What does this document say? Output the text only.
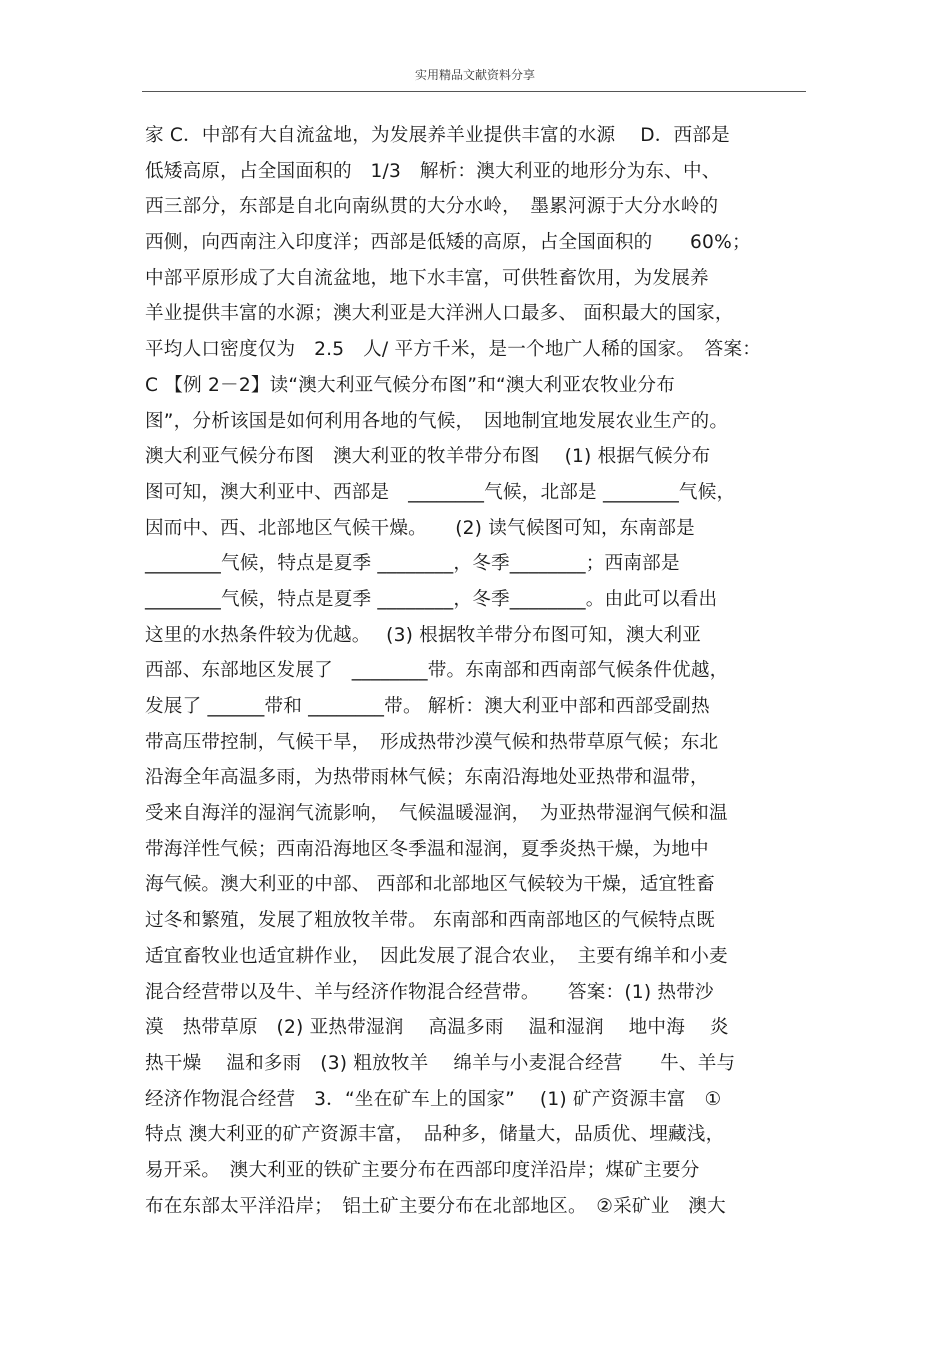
实用精品文献资料分享
家 C．中部有大自流盆地，为发展养羊业提供丰富的水源　 D．西部是
低矮高原，占全国面积的　1/3　解析：澳大利亚的地形分为东、中、
西三部分，东部是自北向南纵贯的大分水岭，　墨累河源于大分水岭的
西侧，向西南注入印度洋；西部是低矮的高原，占全国面积的　　60%；
中部平原形成了大自流盆地，地下水丰富，可供牲畜饮用，为发展养
羊业提供丰富的水源；澳大利亚是大洋洲人口最多、 面积最大的国家，
平均人口密度仅为　2.5　人/ 平方千米，是一个地广人稀的国家。　答案：
C 【例 2－2】读“澳大利亚气候分布图”和“澳大利亚农牧业分布
图”，分析该国是如何利用各地的气候，　因地制宜地发展农业生产的。
澳大利亚气候分布图　澳大利亚的牧羊带分布图　 (1) 根据气候分布
图可知，澳大利亚中、西部是　________气候，北部是 ________气候，
因而中、西、北部地区气候干燥。　　(2) 读气候图可知，东南部是
________气候，特点是夏季 ________，冬季________；西南部是
________气候，特点是夏季 ________，冬季________。由此可以看出
这里的水热条件较为优越。　 (3) 根据牧羊带分布图可知，澳大利亚
西部、东部地区发展了　________带。东南部和西南部气候条件优越，
发展了 ______带和 ________带。 解析：澳大利亚中部和西部受副热
带高压带控制，气候干旱，　形成热带沙漠气候和热带草原气候；东北
沿海全年高温多雨，为热带雨林气候；东南沿海地处亚热带和温带，
受来自海洋的湿润气流影响，　气候温暖湿润，　为亚热带湿润气候和温
带海洋性气候；西南沿海地区冬季温和湿润，夏季炎热干燥，为地中
海气候。澳大利亚的中部、 西部和北部地区气候较为干燥，适宜牲畜
过冬和繁殖，发展了粗放牧羊带。 东南部和西南部地区的气候特点既
适宜畜牧业也适宜耕作业，　因此发展了混合农业，　主要有绵羊和小麦
混合经营带以及牛、羊与经济作物混合经营带。　　答案：(1) 热带沙
漠　热带草原　(2) 亚热带湿润　 高温多雨　 温和湿润　 地中海　 炎
热干燥　 温和多雨　(3) 粗放牧羊　 绵羊与小麦混合经营　　牛、羊与
经济作物混合经营　3．“坐在矿车上的国家”　 (1) 矿产资源丰富　①
特点 澳大利亚的矿产资源丰富，　品种多，储量大，品质优、埋藏浅，
易开采。　澳大利亚的铁矿主要分布在西部印度洋沿岸；煤矿主要分
布在东部太平洋沿岸；　铝土矿主要分布在北部地区。　②采矿业　澳大
